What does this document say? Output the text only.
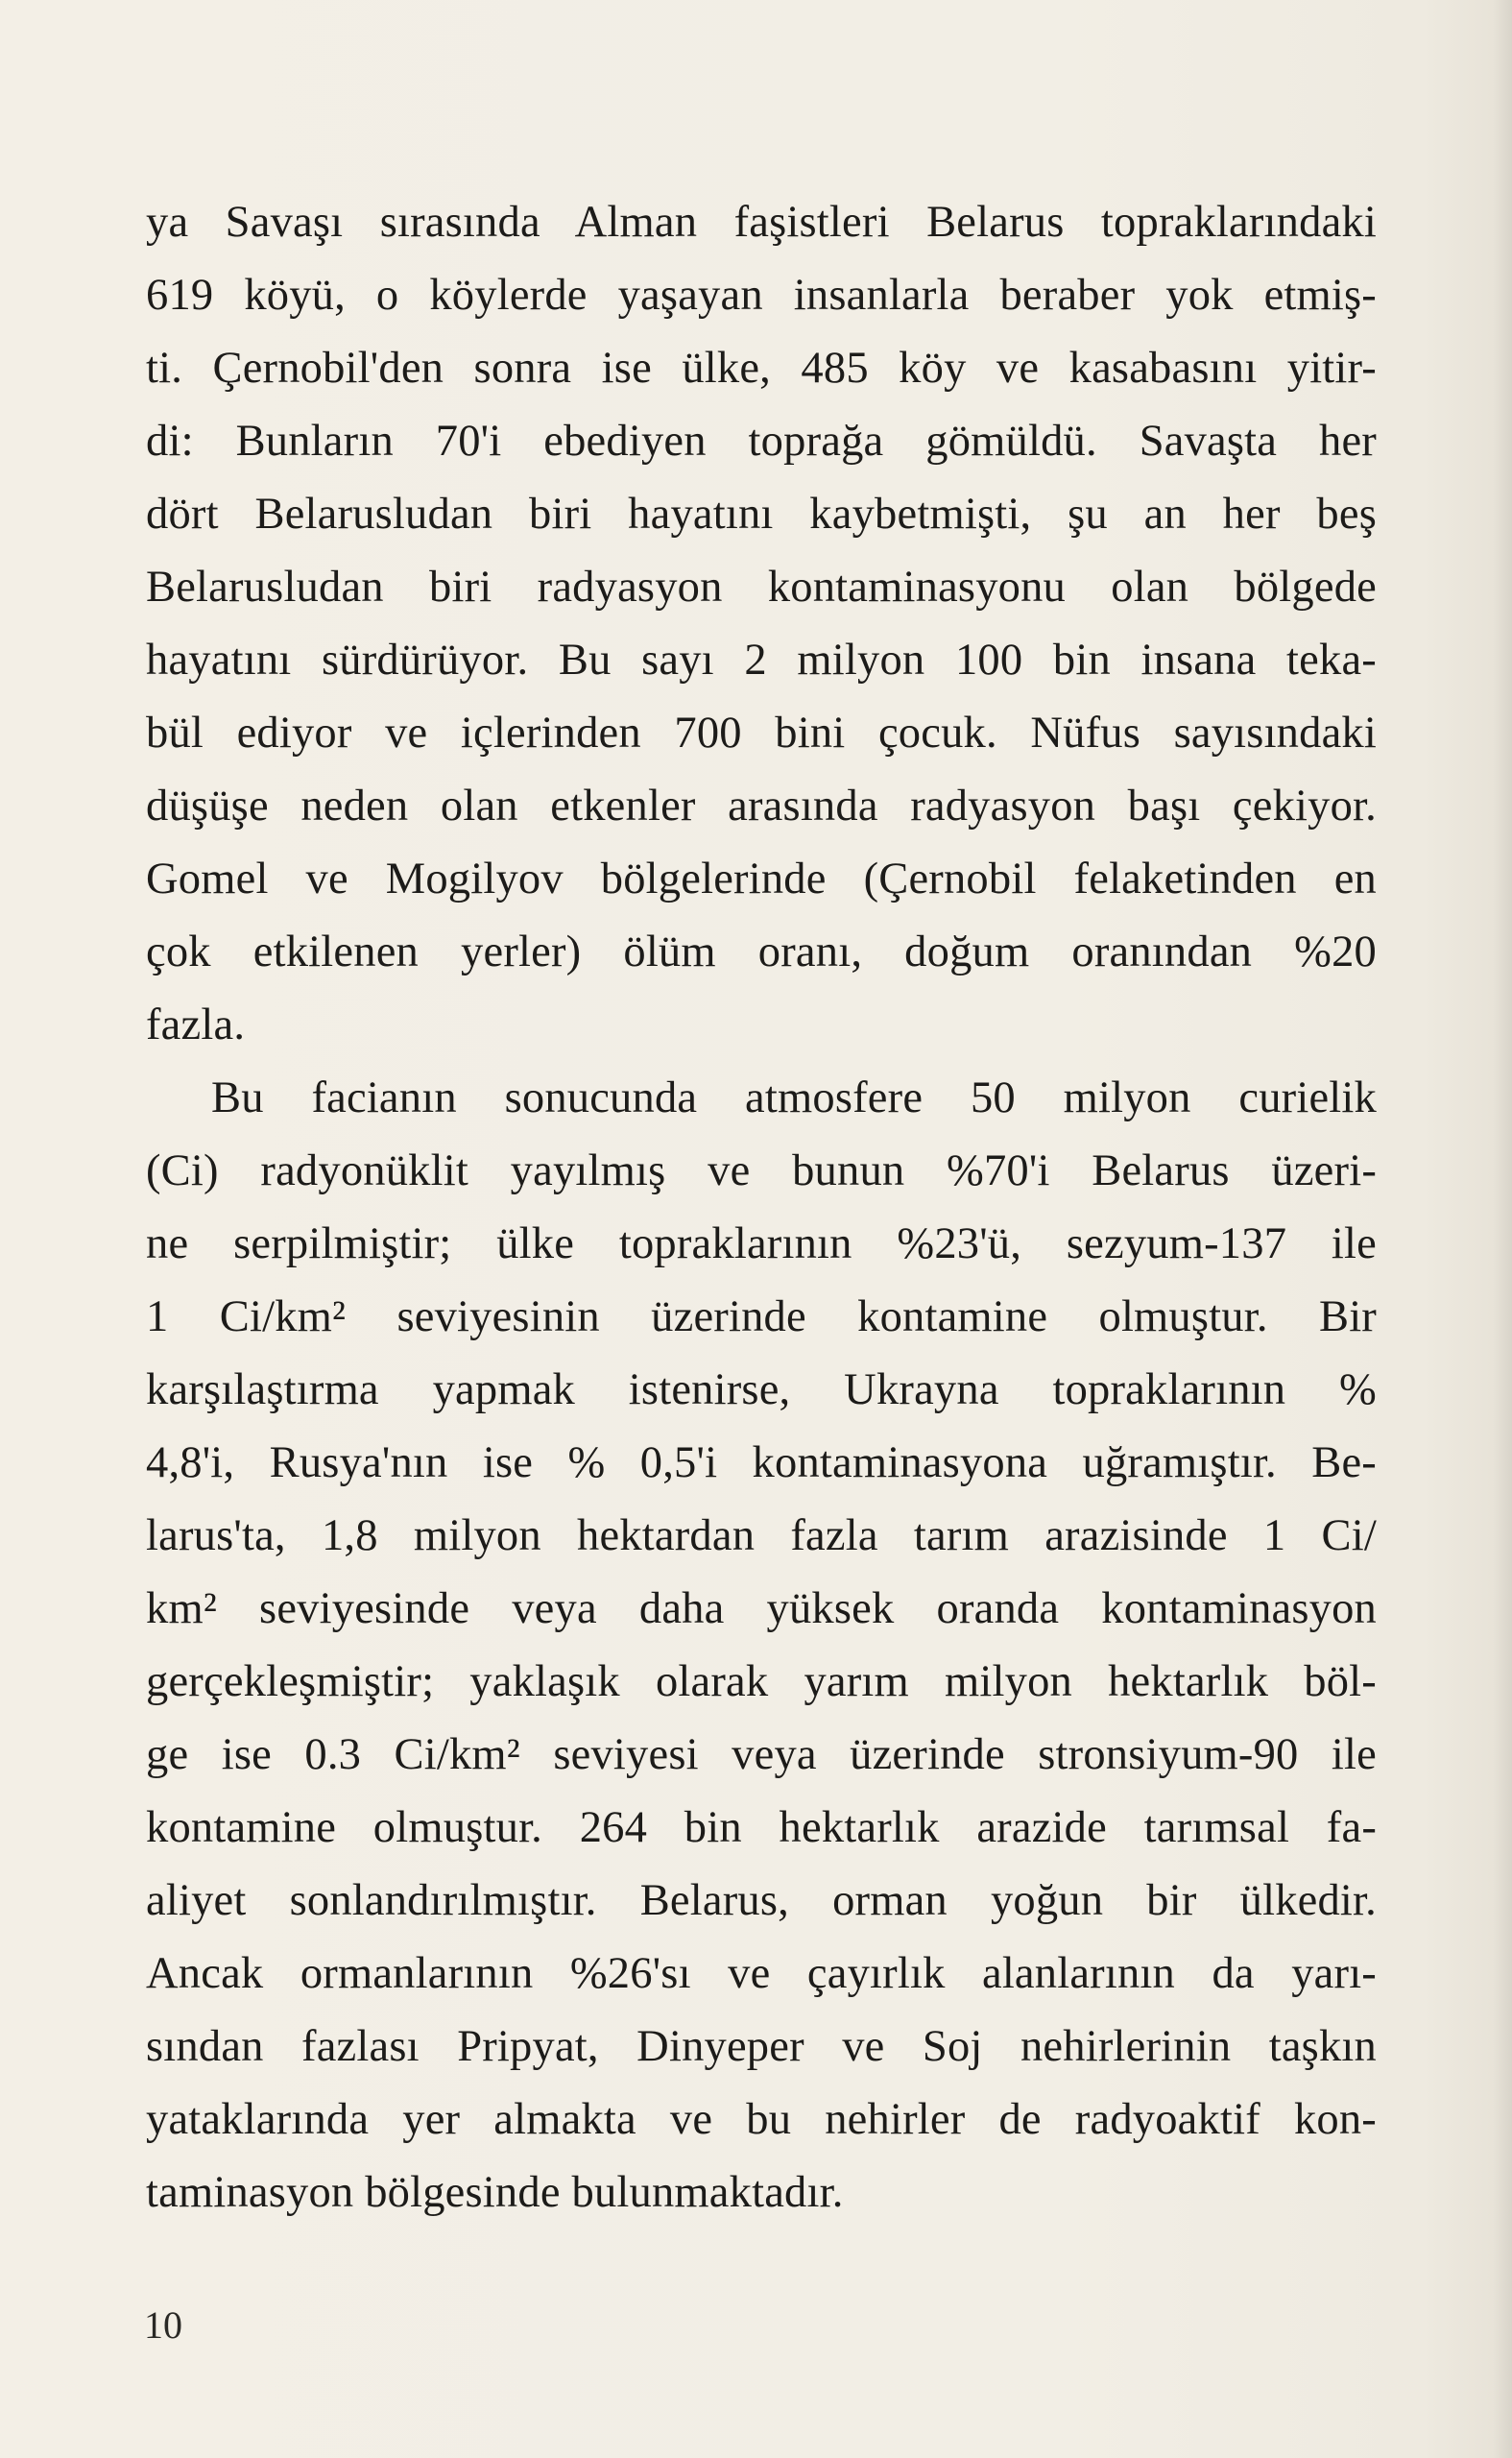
ya Savaşı sırasında Alman faşistleri Belarus topraklarındaki
619 köyü, o köylerde yaşayan insanlarla beraber yok etmiş-
ti. Çernobil'den sonra ise ülke, 485 köy ve kasabasını yitir-
di: Bunların 70'i ebediyen toprağa gömüldü. Savaşta her
dört Belarusludan biri hayatını kaybetmişti, şu an her beş
Belarusludan biri radyasyon kontaminasyonu olan bölgede
hayatını sürdürüyor. Bu sayı 2 milyon 100 bin insana teka-
bül ediyor ve içlerinden 700 bini çocuk. Nüfus sayısındaki
düşüşe neden olan etkenler arasında radyasyon başı çekiyor.
Gomel ve Mogilyov bölgelerinde (Çernobil felaketinden en
çok etkilenen yerler) ölüm oranı, doğum oranından %20
fazla.

Bu facianın sonucunda atmosfere 50 milyon curielik
(Ci) radyonüklit yayılmış ve bunun %70'i Belarus üzeri-
ne serpilmiştir; ülke topraklarının %23'ü, sezyum-137 ile
1 Ci/km² seviyesinin üzerinde kontamine olmuştur. Bir
karşılaştırma yapmak istenirse, Ukrayna topraklarının %
4,8'i, Rusya'nın ise % 0,5'i kontaminasyona uğramıştır. Be-
larus'ta, 1,8 milyon hektardan fazla tarım arazisinde 1 Ci/
km² seviyesinde veya daha yüksek oranda kontaminasyon
gerçekleşmiştir; yaklaşık olarak yarım milyon hektarlık böl-
ge ise 0.3 Ci/km² seviyesi veya üzerinde stronsiyum-90 ile
kontamine olmuştur. 264 bin hektarlık arazide tarımsal fa-
aliyet sonlandırılmıştır. Belarus, orman yoğun bir ülkedir.
Ancak ormanlarının %26'sı ve çayırlık alanlarının da yarı-
sından fazlası Pripyat, Dinyeper ve Soj nehirlerinin taşkın
yataklarında yer almakta ve bu nehirler de radyoaktif kon-
taminasyon bölgesinde bulunmaktadır.

10
